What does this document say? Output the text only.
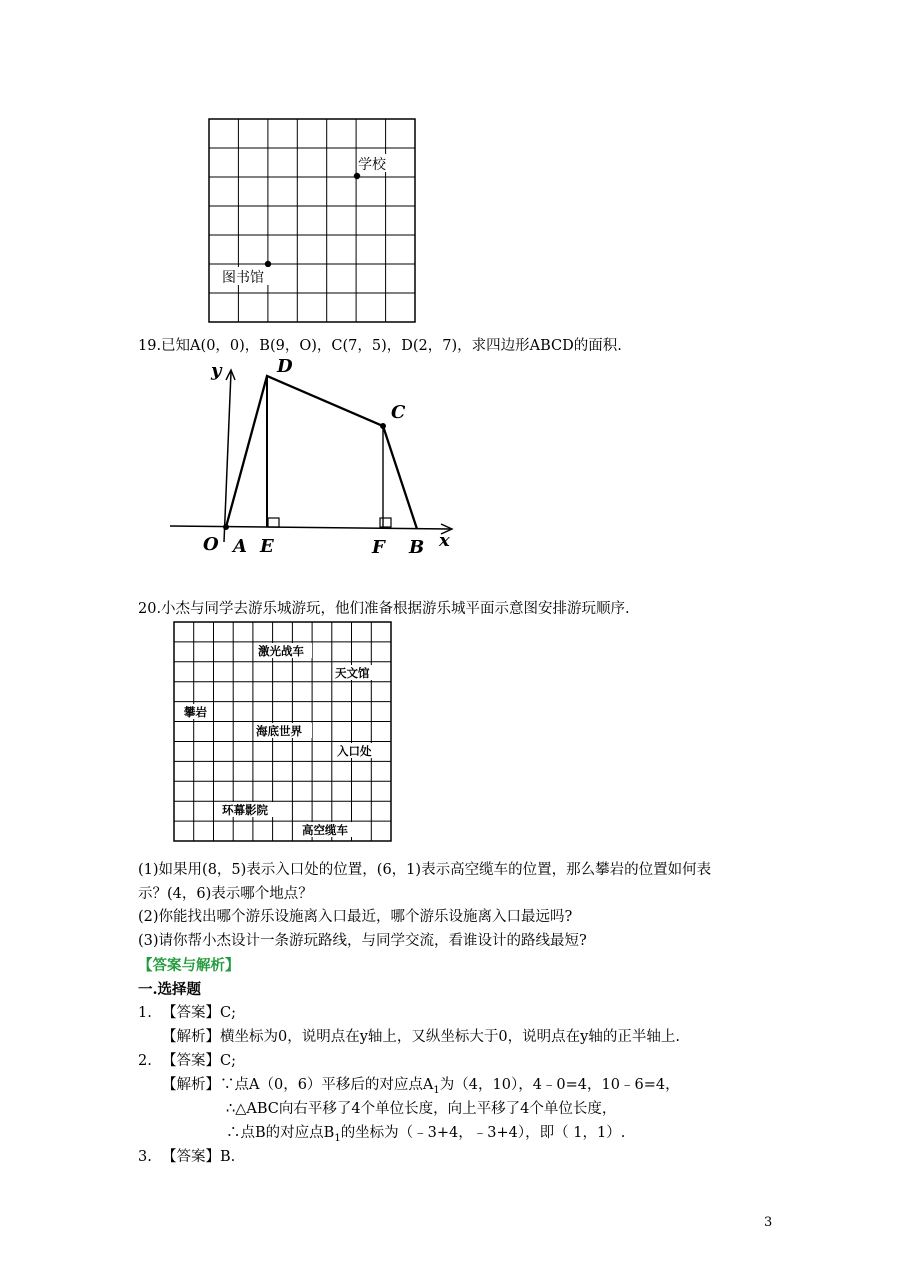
学校
图书馆
19.已知A(0，0)，B(9，O)，C(7，5)，D(2，7)，求四边形ABCD的面积.
y	D
C
O A E	F B x
20.小杰与同学去游乐城游玩，他们准备根据游乐城平面示意图安排游玩顺序.
激光战车
天文馆
攀岩
海底世界
入口处
环幕影院
高空缆车
(1)如果用(8，5)表示入口处的位置，(6，1)表示高空缆车的位置，那么攀岩的位置如何表
示？(4，6)表示哪个地点？
(2)你能找出哪个游乐设施离入口最近，哪个游乐设施离入口最远吗?
(3)请你帮小杰设计一条游玩路线，与同学交流，看谁设计的路线最短?
【答案与解析】
一.选择题
1. 【答案】C;
【解析】横坐标为0，说明点在y轴上，又纵坐标大于0，说明点在y轴的正半轴上.
2. 【答案】C;
【解析】∵点A（0，6）平移后的对应点$A_1$为（4，10），4﹣0=4，10﹣6=4，
∴△ABC向右平移了4个单位长度，向上平移了4个单位长度，
∴点B的对应点$B_1$的坐标为（﹣3+4，﹣3+4），即（ 1，1）.
3. 【答案】B.
3
